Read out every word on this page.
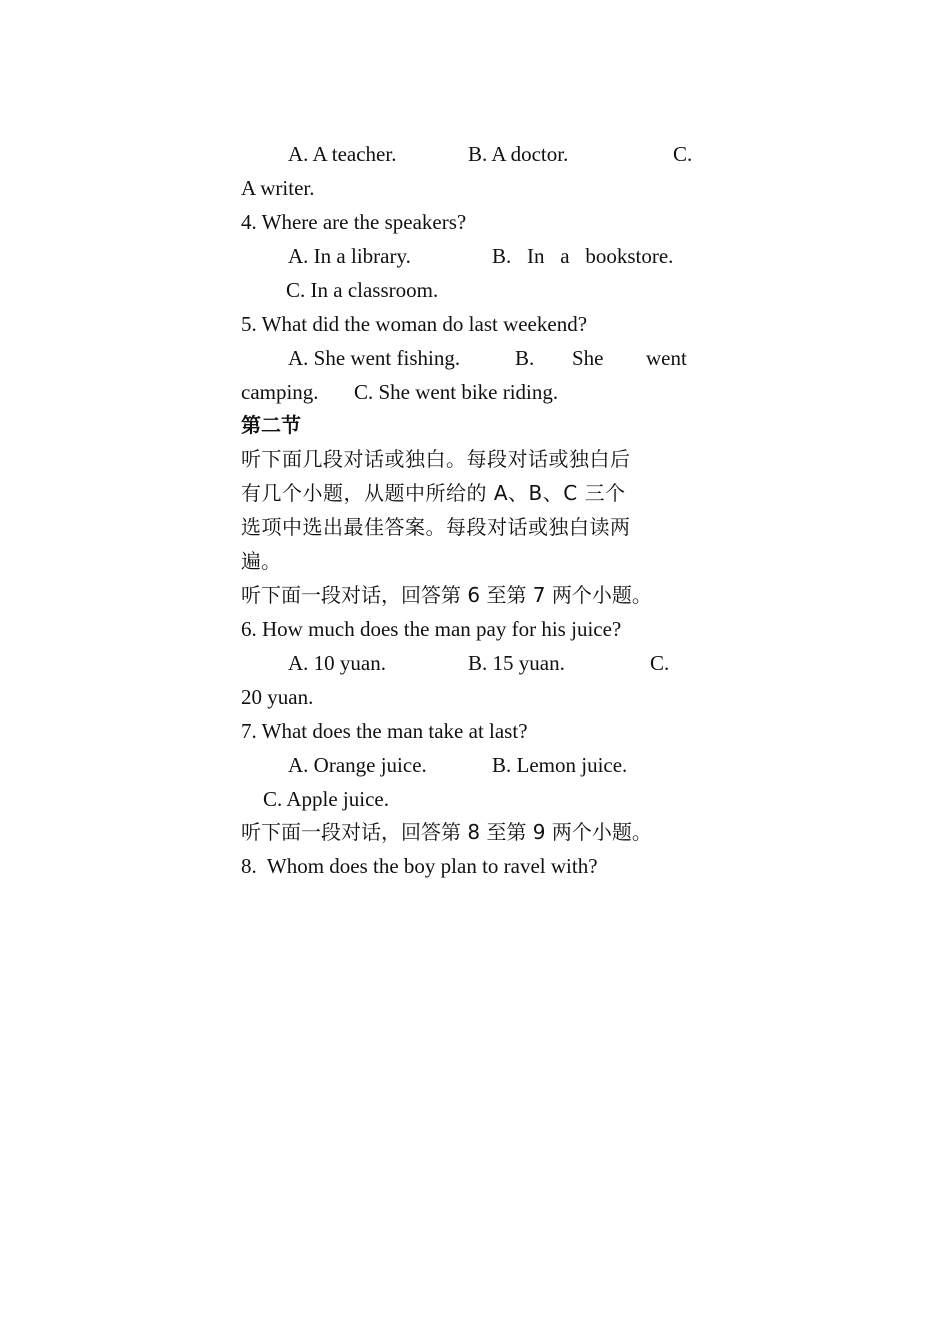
A. A teacher.	B. A doctor.	C.
A writer.
4. Where are the speakers?
A. In a library.	B.   In   a   bookstore.
C. In a classroom.
5. What did the woman do last weekend?
A. She went fishing.	B. She went
camping. C. She went bike riding.
第二节
听下面几段对话或独白。每段对话或独白后
有几个小题，从题中所给的 A、B、C 三个
选项中选出最佳答案。每段对话或独白读两
遍。
听下面一段对话，回答第 6 至第 7 两个小题。
6. How much does the man pay for his juice?
A. 10 yuan.	B. 15 yuan.	C.
20 yuan.
7. What does the man take at last?
A. Orange juice.	B. Lemon juice.
C. Apple juice.
听下面一段对话，回答第 8 至第 9 两个小题。
8.  Whom does the boy plan to ravel with?
